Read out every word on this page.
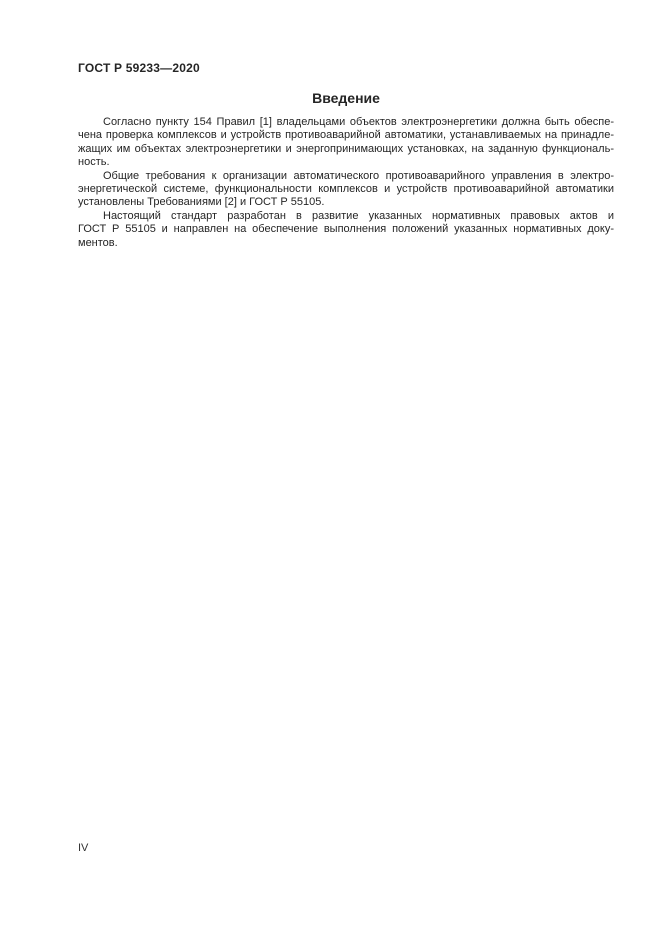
ГОСТ Р 59233—2020
Введение
Согласно пункту 154 Правил [1] владельцами объектов электроэнергетики должна быть обеспе-
чена проверка комплексов и устройств противоаварийной автоматики, устанавливаемых на принадле-
жащих им объектах электроэнергетики и энергопринимающих установках, на заданную функциональ-
ность.
Общие требования к организации автоматического противоаварийного управления в электро-
энергетической системе, функциональности комплексов и устройств противоаварийной автоматики
установлены Требованиями [2] и ГОСТ Р 55105.
Настоящий стандарт разработан в развитие указанных нормативных правовых актов и
ГОСТ Р 55105 и направлен на обеспечение выполнения положений указанных нормативных доку-
ментов.
IV
